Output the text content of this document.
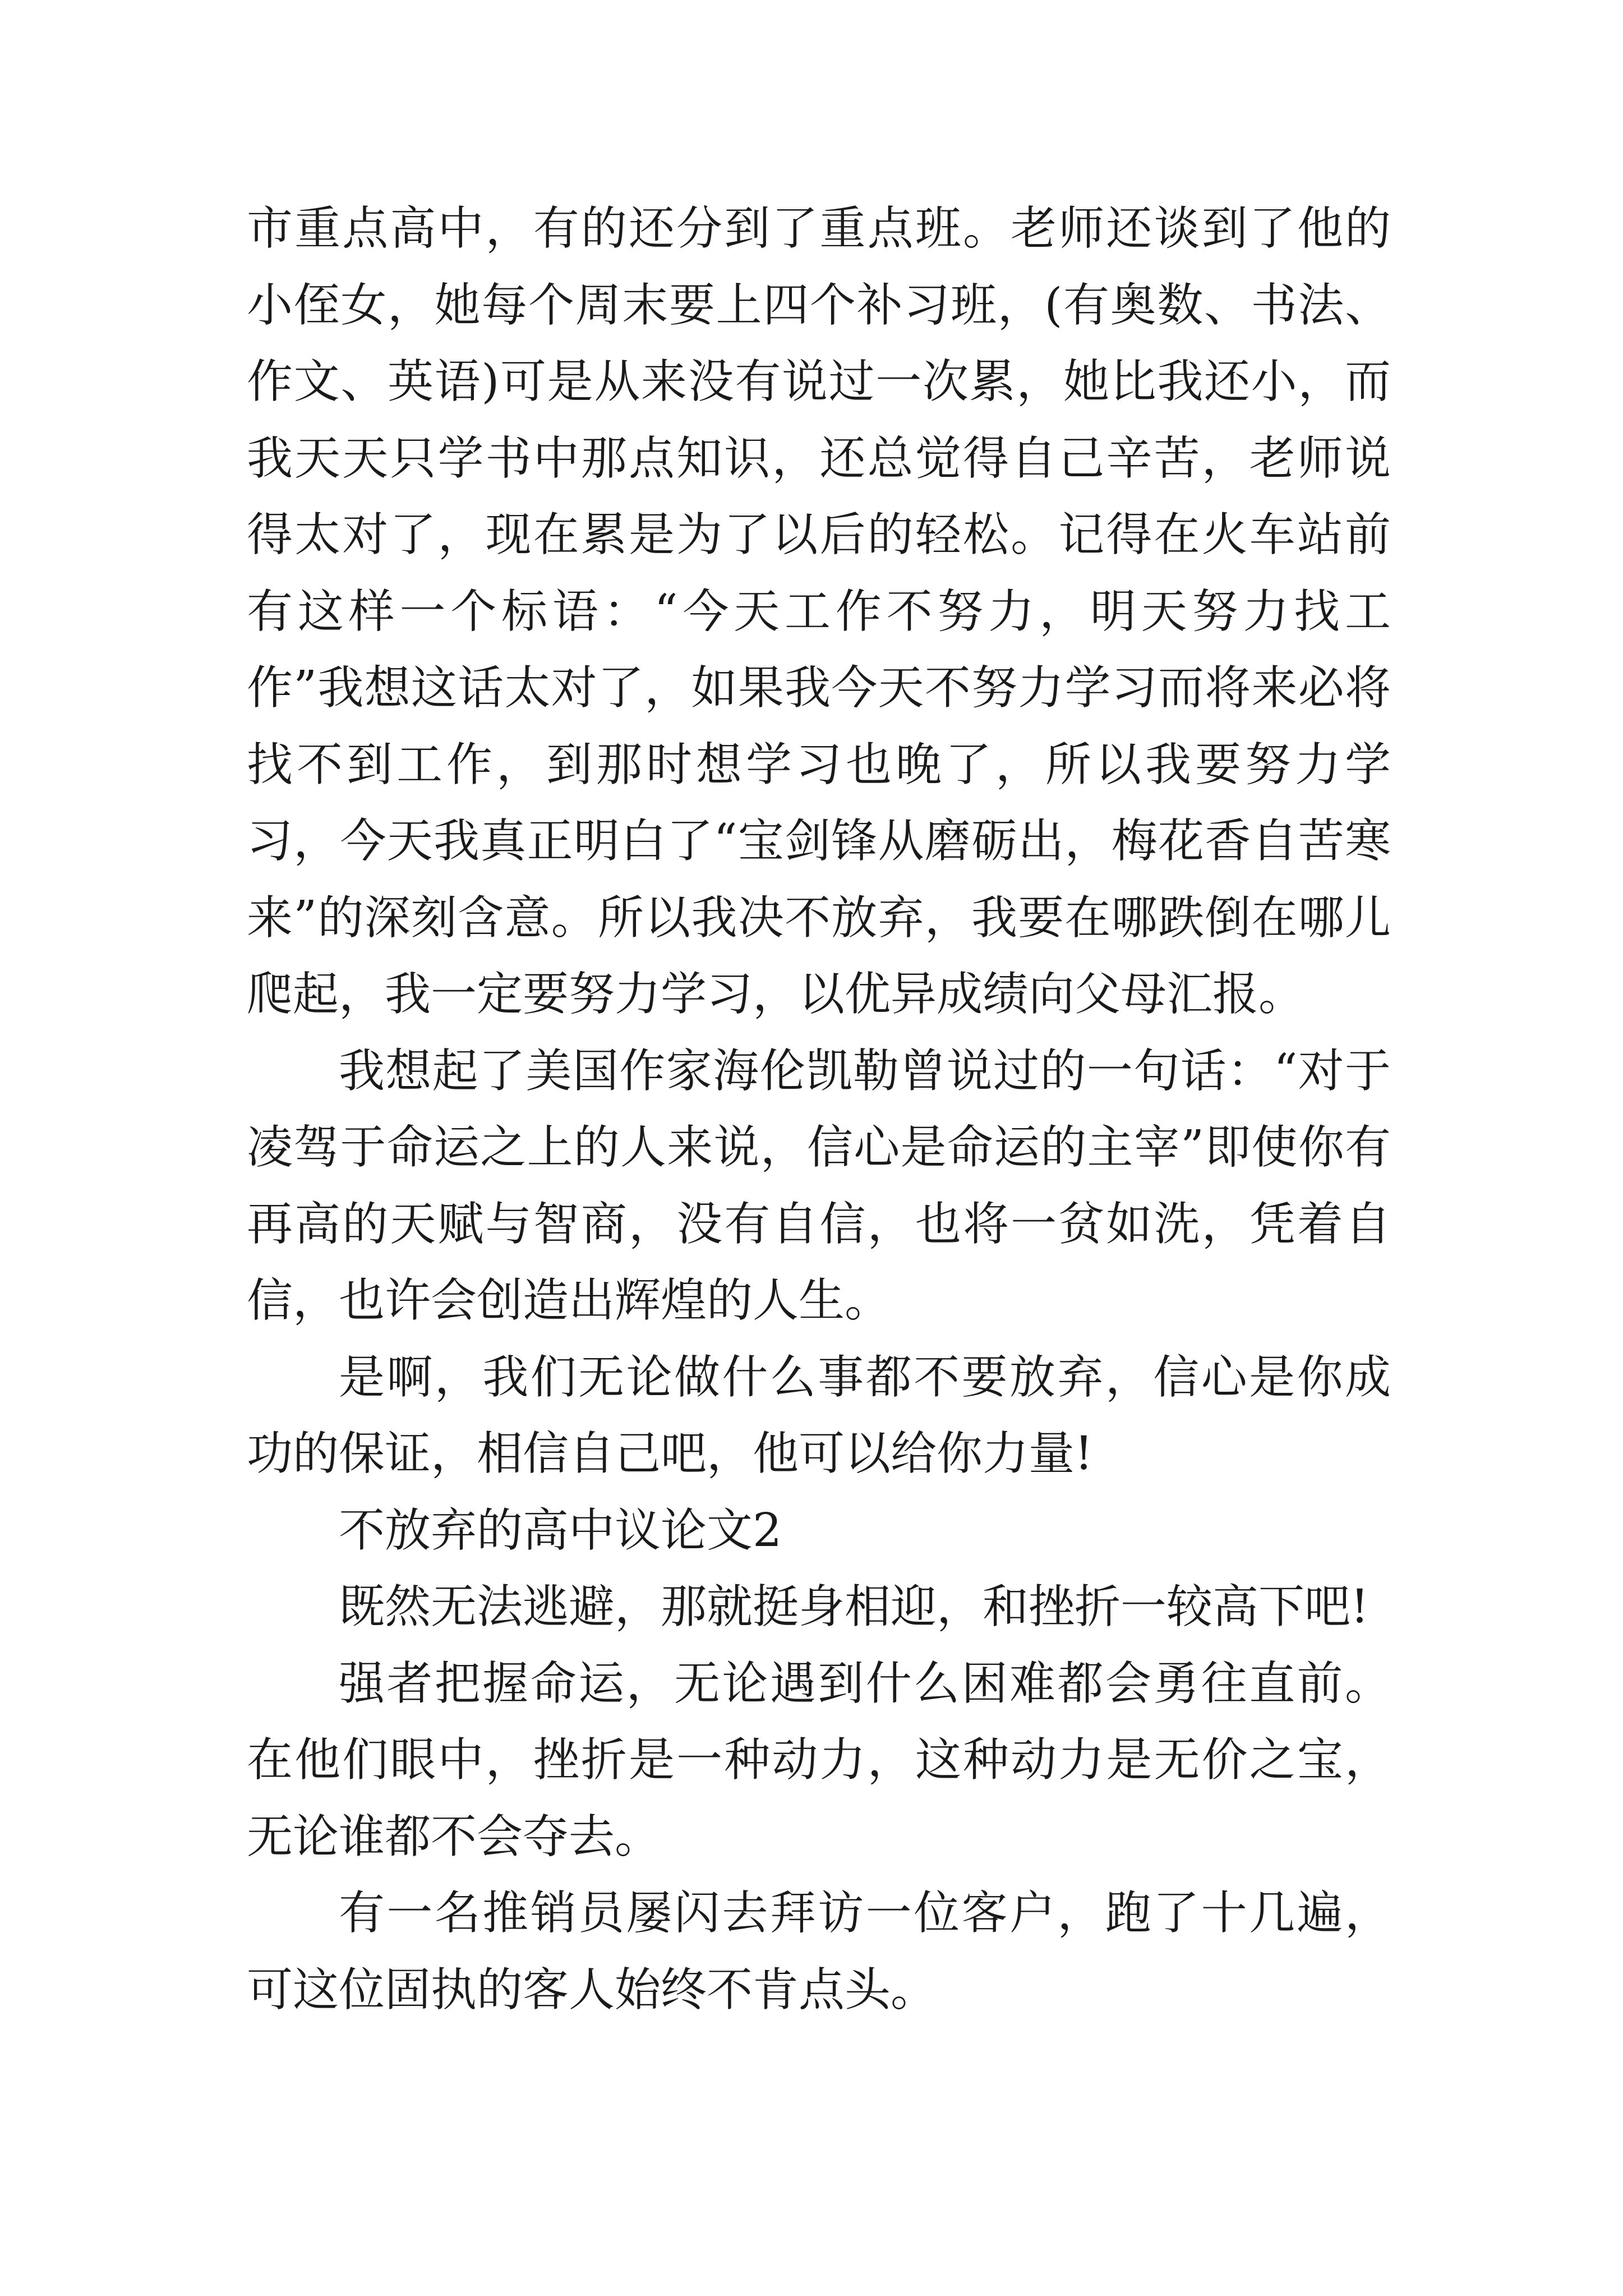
市重点高中，有的还分到了重点班。老师还谈到了他的小侄女，她每个周末要上四个补习班，(有奥数、书法、作文、英语)可是从来没有说过一次累，她比我还小，而我天天只学书中那点知识，还总觉得自己辛苦，老师说得太对了，现在累是为了以后的轻松。记得在火车站前有这样一个标语：“今天工作不努力，明天努力找工作”我想这话太对了，如果我今天不努力学习而将来必将找不到工作，到那时想学习也晚了，所以我要努力学习，今天我真正明白了“宝剑锋从磨砺出，梅花香自苦寒来”的深刻含意。所以我决不放弃，我要在哪跌倒在哪儿爬起，我一定要努力学习，以优异成绩向父母汇报。

我想起了美国作家海伦凯勒曾说过的一句话：“对于凌驾于命运之上的人来说，信心是命运的主宰”即使你有再高的天赋与智商，没有自信，也将一贫如洗，凭着自信，也许会创造出辉煌的人生。

是啊，我们无论做什么事都不要放弃，信心是你成功的保证，相信自己吧，他可以给你力量!

不放弃的高中议论文2

既然无法逃避，那就挺身相迎，和挫折一较高下吧!

强者把握命运，无论遇到什么困难都会勇往直前。在他们眼中，挫折是一种动力，这种动力是无价之宝，无论谁都不会夺去。

有一名推销员屡闪去拜访一位客户，跑了十几遍，可这位固执的客人始终不肯点头。
